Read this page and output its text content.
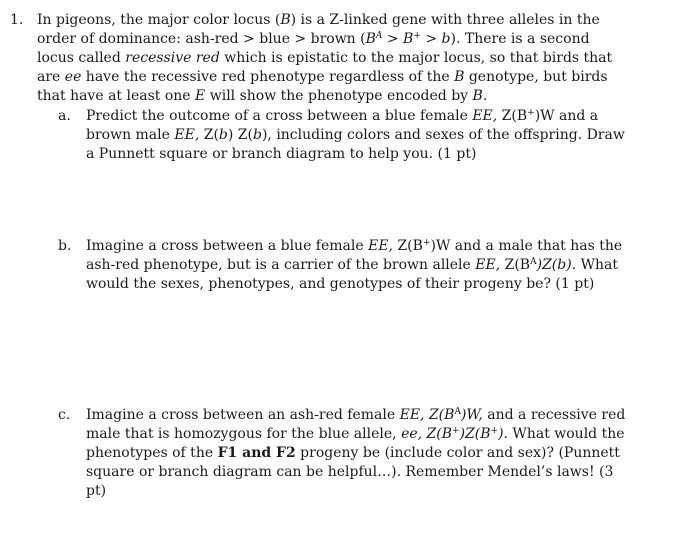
1. In pigeons, the major color locus (B) is a Z-linked gene with three alleles in the order of dominance: ash-red > blue > brown $(B^A > B^+ > b)$. There is a second locus called recessive red which is epistatic to the major locus, so that birds that are ee have the recessive red phenotype regardless of the B genotype, but birds that have at least one E will show the phenotype encoded by B.
a. Predict the outcome of a cross between a blue female EE, Z(B+)W and a brown male EE, Z(b) Z(b), including colors and sexes of the offspring. Draw a Punnett square or branch diagram to help you. (1 pt)
b. Imagine a cross between a blue female EE, Z(B+)W and a male that has the ash-red phenotype, but is a carrier of the brown allele EE, $Z(B^A)Z(b)$. What would the sexes, phenotypes, and genotypes of their progeny be? (1 pt)
c. Imagine a cross between an ash-red female EE, $Z(B^A)W$, and a recessive red male that is homozygous for the blue allele, ee, Z(B+)Z(B+). What would the phenotypes of the F1 and F2 progeny be (include color and sex)? (Punnett square or branch diagram can be helpful…). Remember Mendel’s laws! (3 pt)
